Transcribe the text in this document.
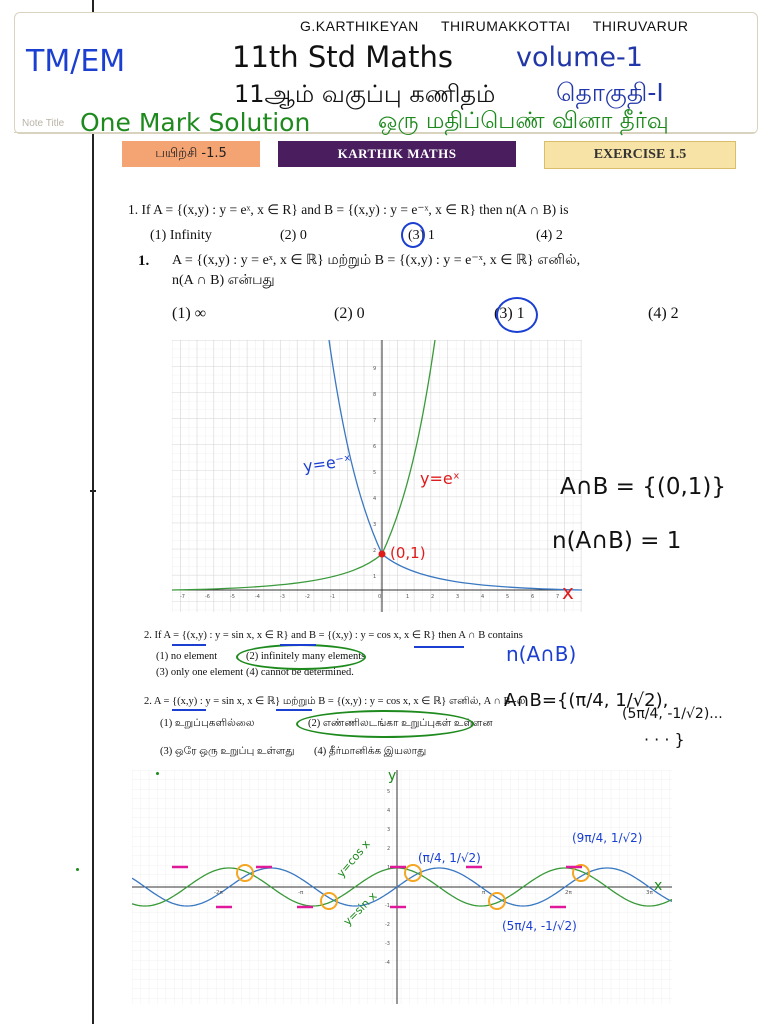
G.KARTHIKEYAN THIRUMAKKOTTAI THIRUVARUR
TM/EM	11th Std Maths volume-1
11ஆம் வகுப்பு கணிதம் தொகுதி-I
Note Title One Mark Solution	ஒரு மதிப்பெண் வினா தீர்வு
பயிற்சி -1.5	KARTHIK MATHS	EXERCISE 1.5
1. If A = {(x,y) : y = eˣ, x ∈ R} and B = {(x,y) : y = e⁻ˣ, x ∈ R} then n(A ∩ B) is
(1) Infinity	(2) 0	(3) 1	(4) 2
1. A = {(x,y) : y = eˣ, x ∈ ℝ} மற்றும் B = {(x,y) : y = e⁻ˣ, x ∈ ℝ} எனில்,
n(A ∩ B) என்பது
(1) ∞	(2) 0	(3) 1	(4) 2
9
8
7
6
5
4
3
2
1
-7	-6	-5	-4	-3	-2	-1	0	1	2	3	4	5	6	7
y=e⁻ˣ
y=eˣ
(0,1)
x
A∩B = {(0,1)}
n(A∩B) = 1
2. If A = {(x,y) : y = sin x, x ∈ R} and B = {(x,y) : y = cos x, x ∈ R} then A ∩ B contains
(1) no element	(2) infinitely many elements
(3) only one element (4) cannot be determined.
n(A∩B)
2. A = {(x,y) : y = sin x, x ∈ ℝ} மற்றும் B = {(x,y) : y = cos x, x ∈ ℝ} எனில், A ∩ B -ல்
(1) உறுப்புகளில்லை	(2) எண்ணிலடங்கா உறுப்புகள் உள்ளன
(3) ஒரே ஒரு உறுப்பு உள்ளது (4) தீர்மானிக்க இயலாது
A∩B={(π/4, 1/√2),
(5π/4, -1/√2)...
· · · }
5
4
3
2
1
-1
-2
-3
-4
-2π	-π	π	2π	3π
y=cos x
y=sin x
x
y
(π/4, 1/√2)
(5π/4, -1/√2)
(9π/4, 1/√2)
